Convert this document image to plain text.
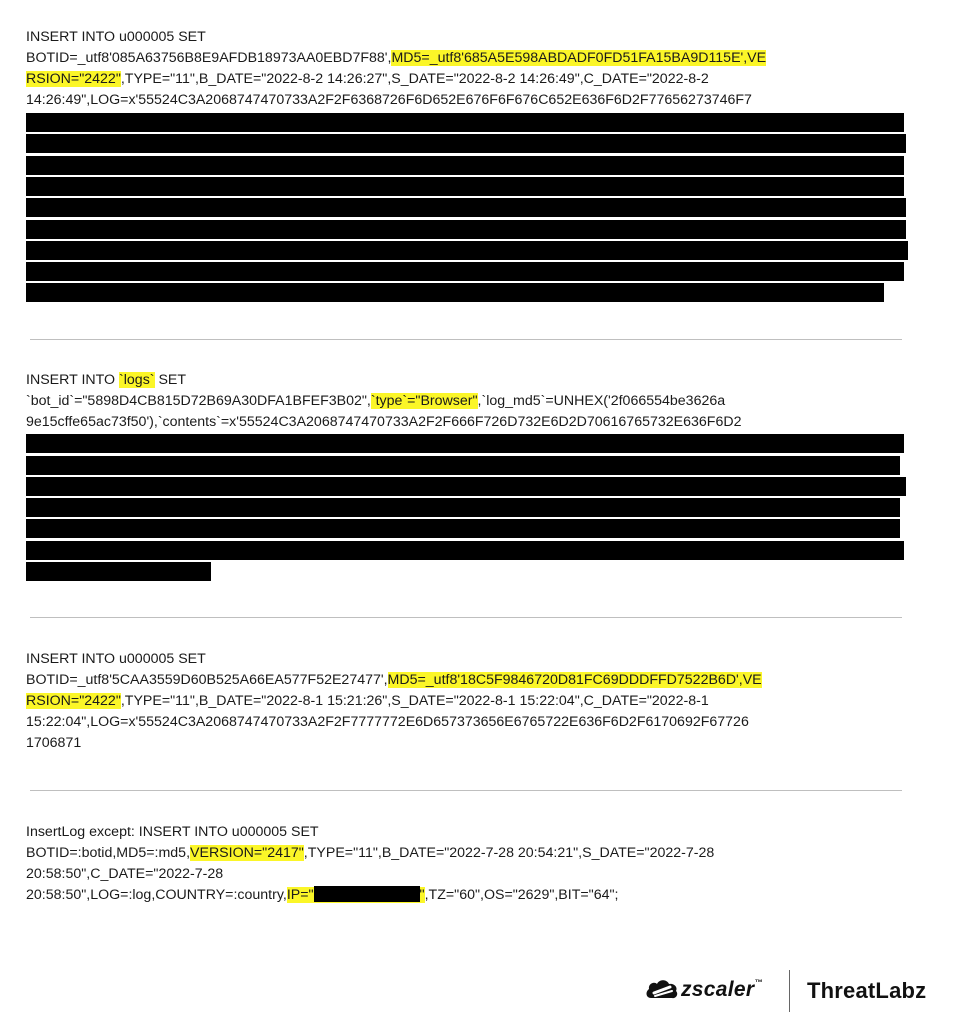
INSERT INTO u000005 SET
BOTID=_utf8'085A63756B8E9AFDB18973AA0EBD7F88',MD5=_utf8'685A5E598ABDADF0FD51FA15BA9D115E',VE
RSION="2422",TYPE="11",B_DATE="2022-8-2 14:26:27",S_DATE="2022-8-2 14:26:49",C_DATE="2022-8-2
14:26:49",LOG=x'55524C3A2068747470733A2F2F6368726F6D652E676F6F676C652E636F6D2F77656273746F7
INSERT INTO `logs` SET
`bot_id`="5898D4CB815D72B69A30DFA1BFEF3B02",`type`="Browser",`log_md5`=UNHEX('2f066554be3626a
9e15cffe65ac73f50'),`contents`=x'55524C3A2068747470733A2F2F666F726D732E6D2D70616765732E636F6D2
INSERT INTO u000005 SET
BOTID=_utf8'5CAA3559D60B525A66EA577F52E27477',MD5=_utf8'18C5F9846720D81FC69DDDFFD7522B6D',VE
RSION="2422",TYPE="11",B_DATE="2022-8-1 15:21:26",S_DATE="2022-8-1 15:22:04",C_DATE="2022-8-1
15:22:04",LOG=x'55524C3A2068747470733A2F2F7777772E6D657373656E6765722E636F6D2F6170692F67726
1706871
InsertLog except: INSERT INTO u000005 SET
BOTID=:botid,MD5=:md5,VERSION="2417",TYPE="11",B_DATE="2022-7-28 20:54:21",S_DATE="2022-7-28
20:58:50",C_DATE="2022-7-28
20:58:50",LOG=:log,COUNTRY=:country,IP="	",TZ="60",OS="2629",BIT="64";
zscaler™ ThreatLabz
